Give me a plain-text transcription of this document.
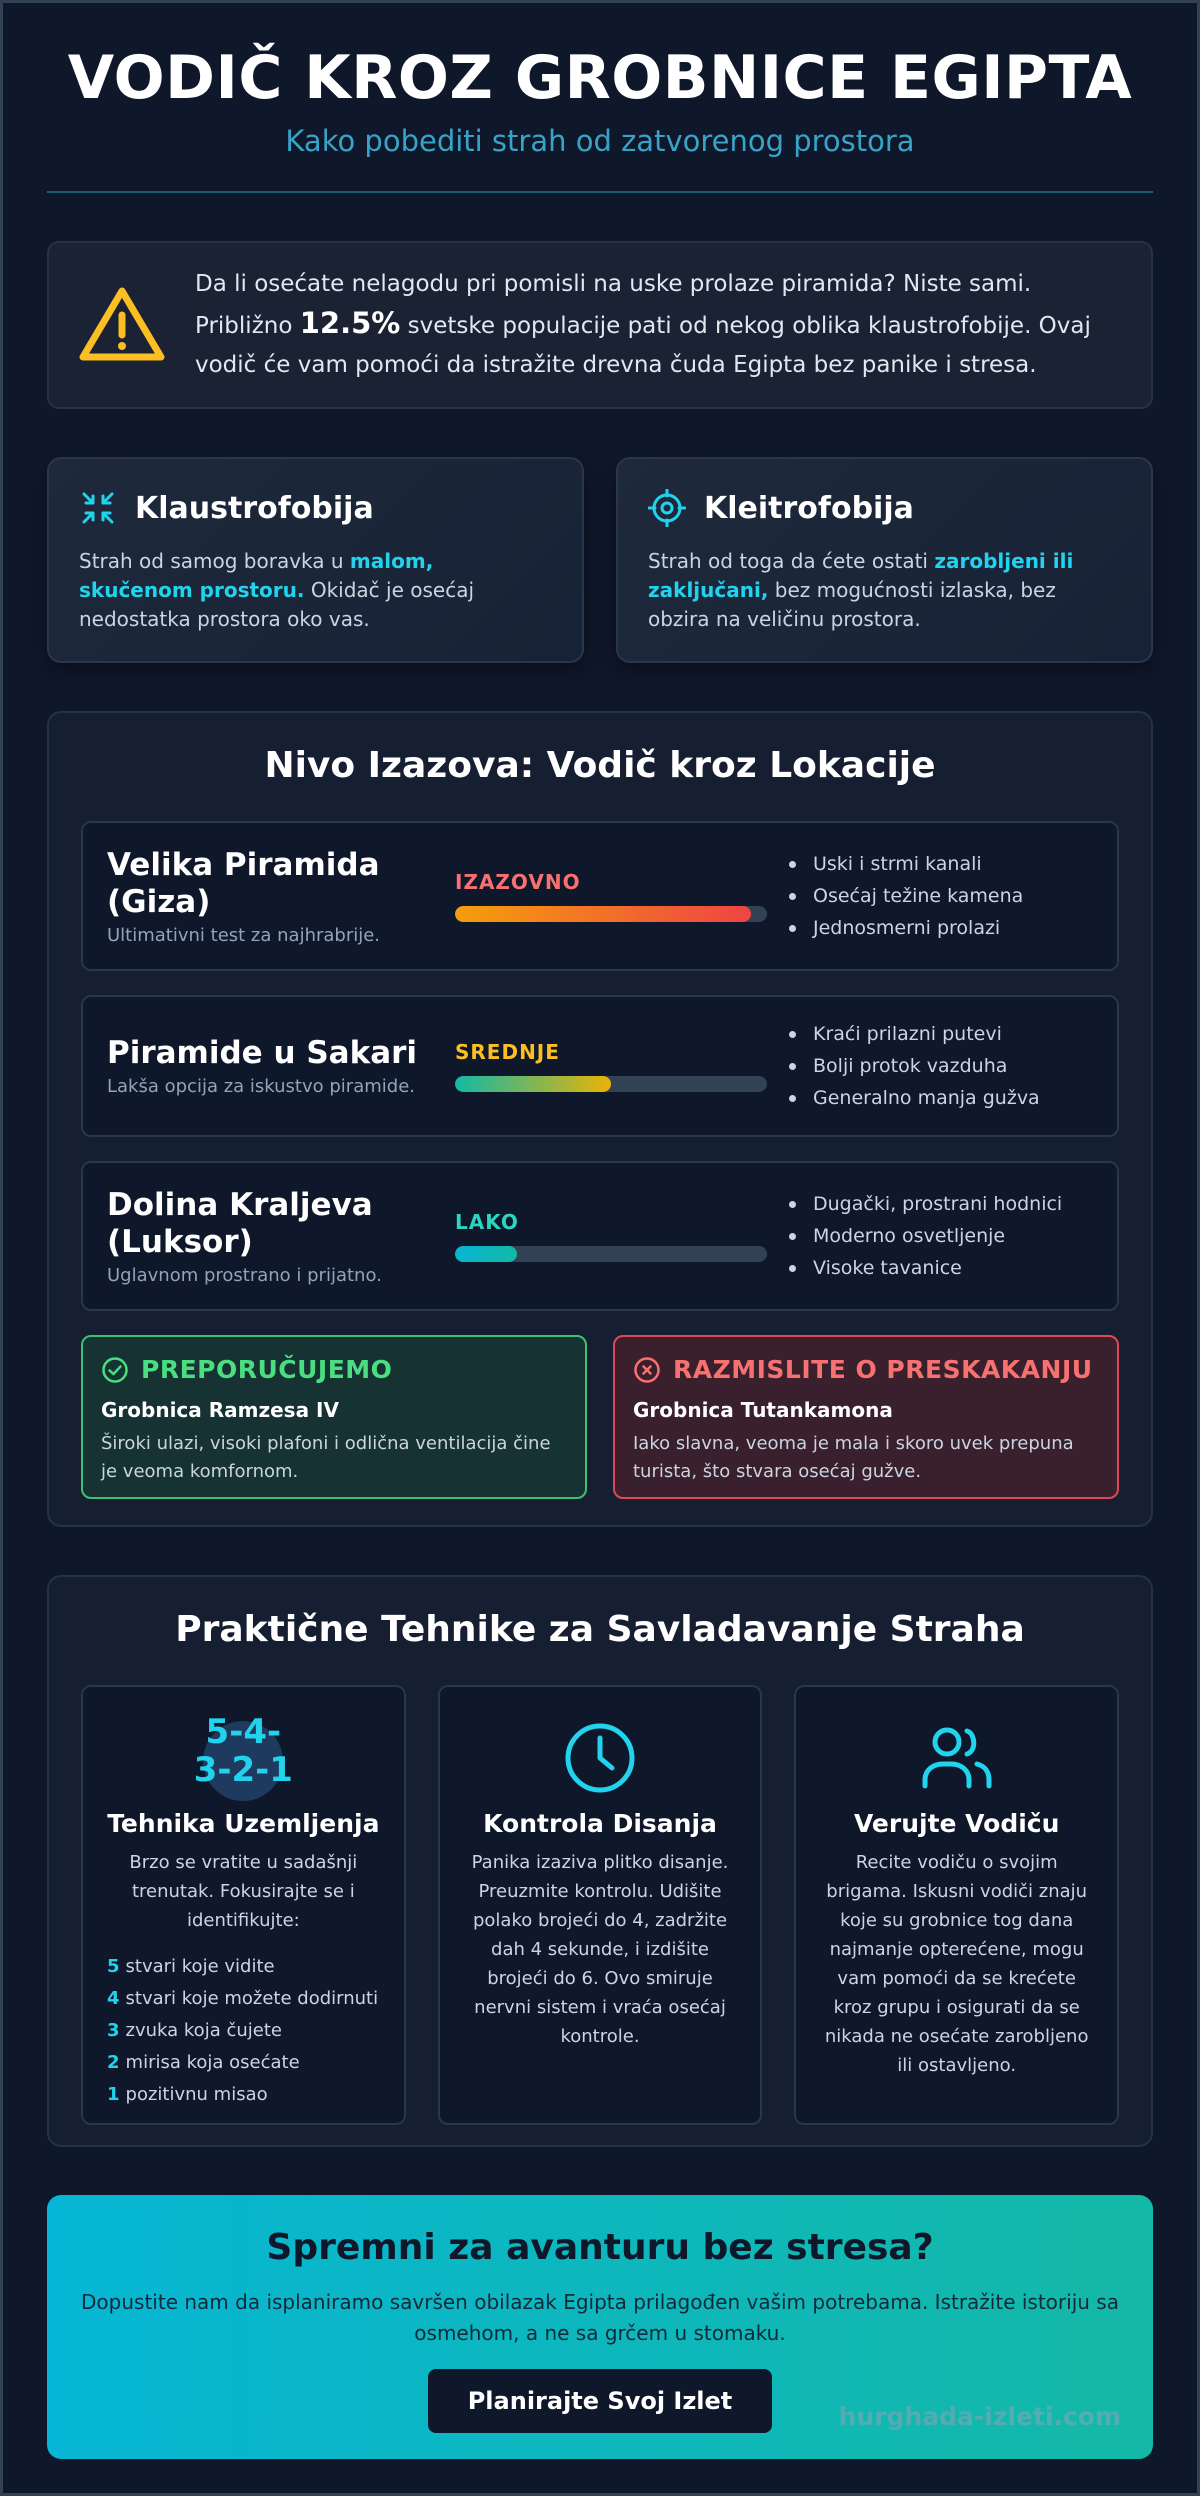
VODIČ KROZ GROBNICE EGIPTA
Kako pobediti strah od zatvorenog prostora

Da li osećate nelagodu pri pomisli na uske prolaze piramida? Niste sami. Približno 12.5% svetske populacije pati od nekog oblika klaustrofobije. Ovaj vodič će vam pomoći da istražite drevna čuda Egipta bez panike i stresa.

Klaustrofobija

Strah od samog boravka u malom, skučenom prostoru. Okidač je osećaj nedostatka prostora oko vas.

Kleitrofobija

Strah od toga da ćete ostati zarobljeni ili zaključani, bez mogućnosti izlaska, bez obzira na veličinu prostora.

Nivo Izazova: Vodič kroz Lokacije
Velika Piramida (Giza)
Ultimativni test za najhrabrije.
IZAZOVNO
Uski i strmi kanali
Osećaj težine kamena
Jednosmerni prolazi
Piramide u Sakari
Lakša opcija za iskustvo piramide.
SREDNJE
Kraći prilazni putevi
Bolji protok vazduha
Generalno manja gužva
Dolina Kraljeva (Luksor)
Uglavnom prostrano i prijatno.
LAKO
Dugački, prostrani hodnici
Moderno osvetljenje
Visoke tavanice
PREPORUČUJEMO
Grobnica Ramzesa IV
Široki ulazi, visoki plafoni i odlična ventilacija čine je veoma komfornom.
RAZMISLITE O PRESKAKANJU
Grobnica Tutankamona
Iako slavna, veoma je mala i skoro uvek prepuna turista, što stvara osećaj gužve.
Praktične Tehnike za Savladavanje Straha
5-4-3-2-1
Tehnika Uzemljenja
Brzo se vratite u sadašnji trenutak. Fokusirajte se i identifikujte:
5 stvari koje vidite
4 stvari koje možete dodirnuti
3 zvuka koja čujete
2 mirisa koja osećate
1 pozitivnu misao
Kontrola Disanja
Panika izaziva plitko disanje. Preuzmite kontrolu. Udišite polako brojeći do 4, zadržite dah 4 sekunde, i izdišite brojeći do 6. Ovo smiruje nervni sistem i vraća osećaj kontrole.
Verujte Vodiču
Recite vodiču o svojim brigama. Iskusni vodiči znaju koje su grobnice tog dana najmanje opterećene, mogu vam pomoći da se krećete kroz grupu i osigurati da se nikada ne osećate zarobljeno ili ostavljeno.
Spremni za avanturu bez stresa?

Dopustite nam da isplaniramo savršen obilazak Egipta prilagođen vašim potrebama. Istražite istoriju sa osmehom, a ne sa grčem u stomaku.

Planirajte Svoj Izlet
hurghada-izleti.com
